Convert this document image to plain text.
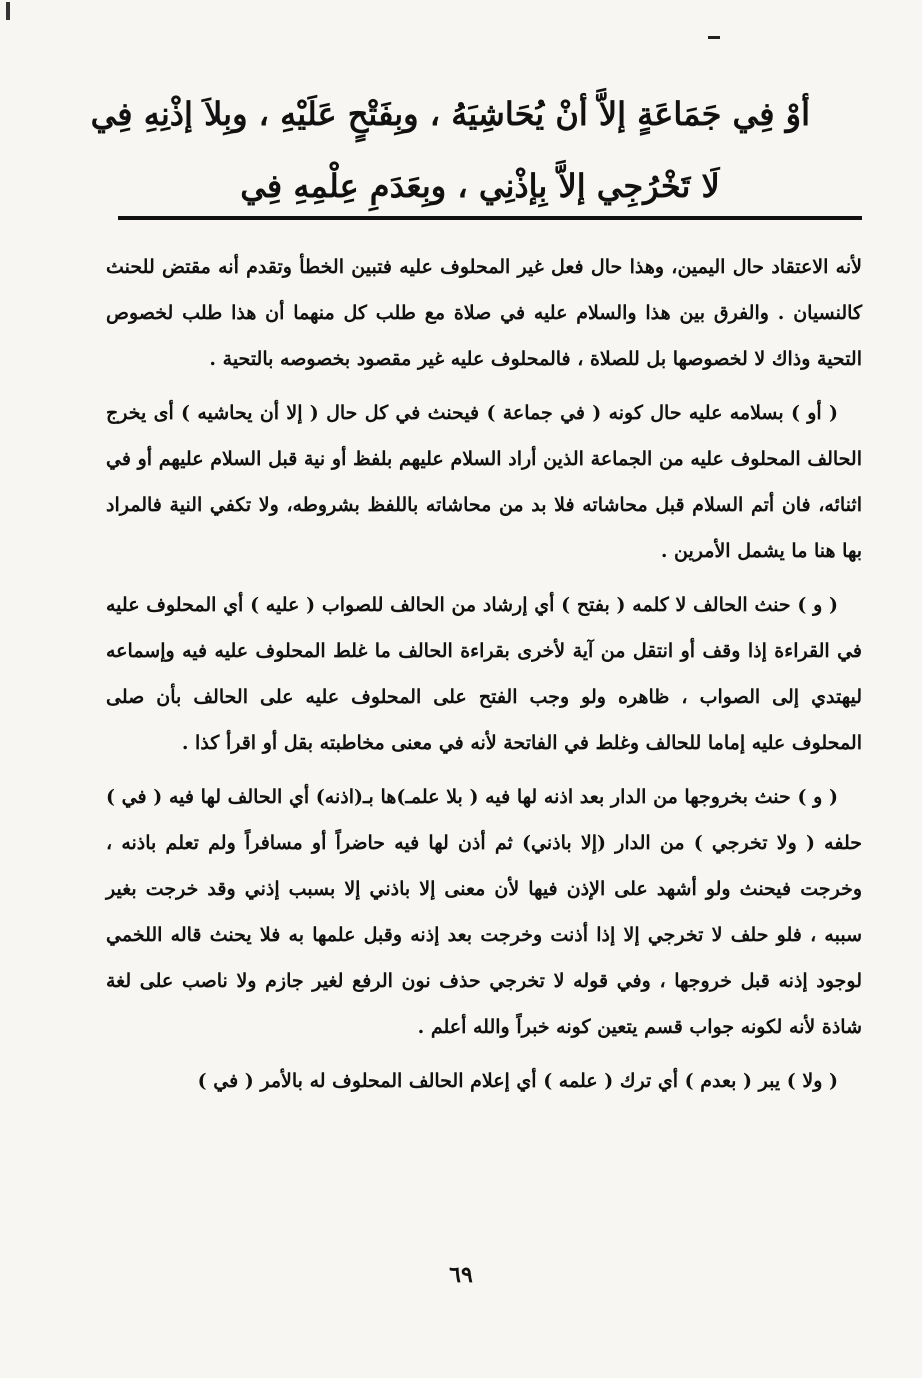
أوْ فِي جَمَاعَةٍ إلاَّ أنْ يُحَاشِيَهُ ، وبِفَتْحٍ عَلَيْهِ ، وبِلاَ إذْنِهِ فِي
لَا تَخْرُجِي إلاَّ بِإذْنِي ، وبِعَدَمِ عِلْمِهِ فِي

لأنه الاعتقاد حال اليمين، وهذا حال فعل غير المحلوف عليه فتبين الخطأ وتقدم أنه مقتض للحنث كالنسيان . والفرق بين هذا والسلام عليه في صلاة مع طلب كل منهما أن هذا طلب لخصوص التحية وذاك لا لخصوصها بل للصلاة ، فالمحلوف عليه غير مقصود بخصوصه بالتحية .

( أو ) بسلامه عليه حال كونه ( في جماعة ) فيحنث في كل حال ( إلا أن يحاشيه ) أى يخرج الحالف المحلوف عليه من الجماعة الذين أراد السلام عليهم بلفظ أو نية قبل السلام عليهم أو في اثنائه، فان أتم السلام قبل محاشاته فلا بد من محاشاته باللفظ بشروطه، ولا تكفي النية فالمراد بها هنا ما يشمل الأمرين .

( و ) حنث الحالف لا كلمه ( بفتح ) أي إرشاد من الحالف للصواب ( عليه ) أي المحلوف عليه في القراءة إذا وقف أو انتقل من آية لأخرى بقراءة الحالف ما غلط المحلوف عليه فيه وإسماعه ليهتدي إلى الصواب ، ظاهره ولو وجب الفتح على المحلوف عليه على الحالف بأن صلى المحلوف عليه إماما للحالف وغلط في الفاتحة لأنه في معنى مخاطبته بقل أو اقرأ كذا .

( و ) حنث بخروجها من الدار بعد اذنه لها فيه ( بلا علمـ)ها بـ(اذنه) أي الحالف لها فيه ( في ) حلفه ( ولا تخرجي ) من الدار (إلا باذني) ثم أذن لها فيه حاضراً أو مسافراً ولم تعلم باذنه ، وخرجت فيحنث ولو أشهد على الإذن فيها لأن معنى إلا باذني إلا بسبب إذني وقد خرجت بغير سببه ، فلو حلف لا تخرجي إلا إذا أذنت وخرجت بعد إذنه وقبل علمها به فلا يحنث قاله اللخمي لوجود إذنه قبل خروجها ، وفي قوله لا تخرجي حذف نون الرفع لغير جازم ولا ناصب على لغة شاذة لأنه لكونه جواب قسم يتعين كونه خبراً والله أعلم .

( ولا ) يبر ( بعدم ) أي ترك ( علمه ) أي إعلام الحالف المحلوف له بالأمر ( في )

٦٩
